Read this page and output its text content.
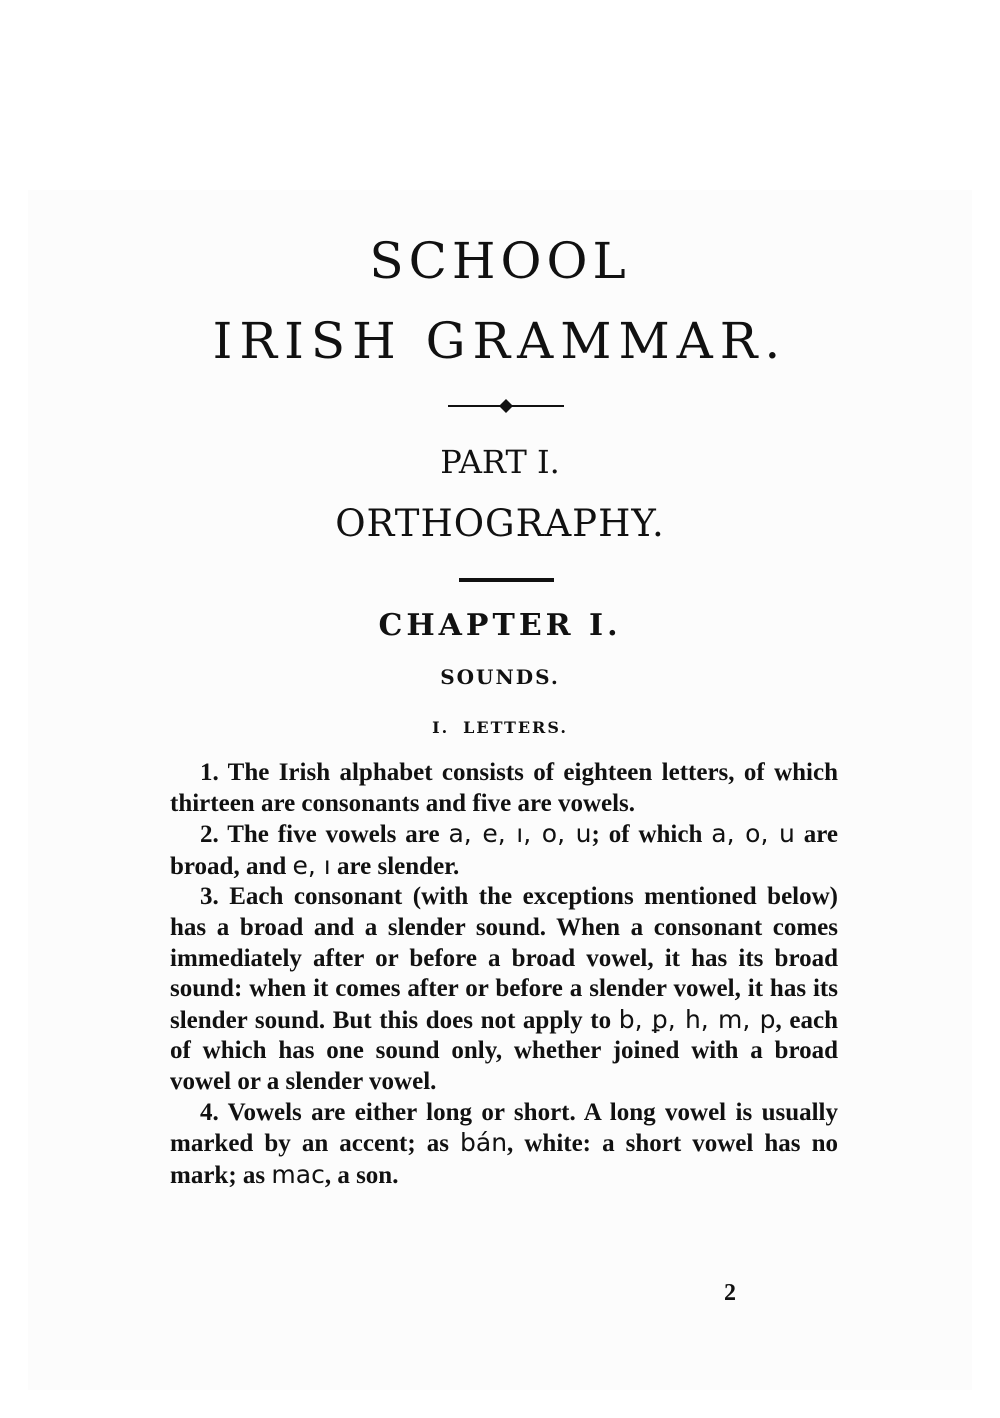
SCHOOL
IRISH GRAMMAR.
PART I.
ORTHOGRAPHY.
CHAPTER I.
SOUNDS.
I. LETTERS.

1. The Irish alphabet consists of eighteen letters, of which thirteen are consonants and five are vowels.

2. The five vowels are a, e, ı, o, u; of which a, o, u are broad, and e, ı are slender.

3. Each consonant (with the exceptions mentioned below) has a broad and a slender sound. When a consonant comes immediately after or before a broad vowel, it has its broad sound: when it comes after or before a slender vowel, it has its slender sound. But this does not apply to b, ꝑ, h, m, p, each of which has one sound only, whether joined with a broad vowel or a slender vowel.

4. Vowels are either long or short. A long vowel is usually marked by an accent; as bán, white: a short vowel has no mark; as mac, a son.

2
